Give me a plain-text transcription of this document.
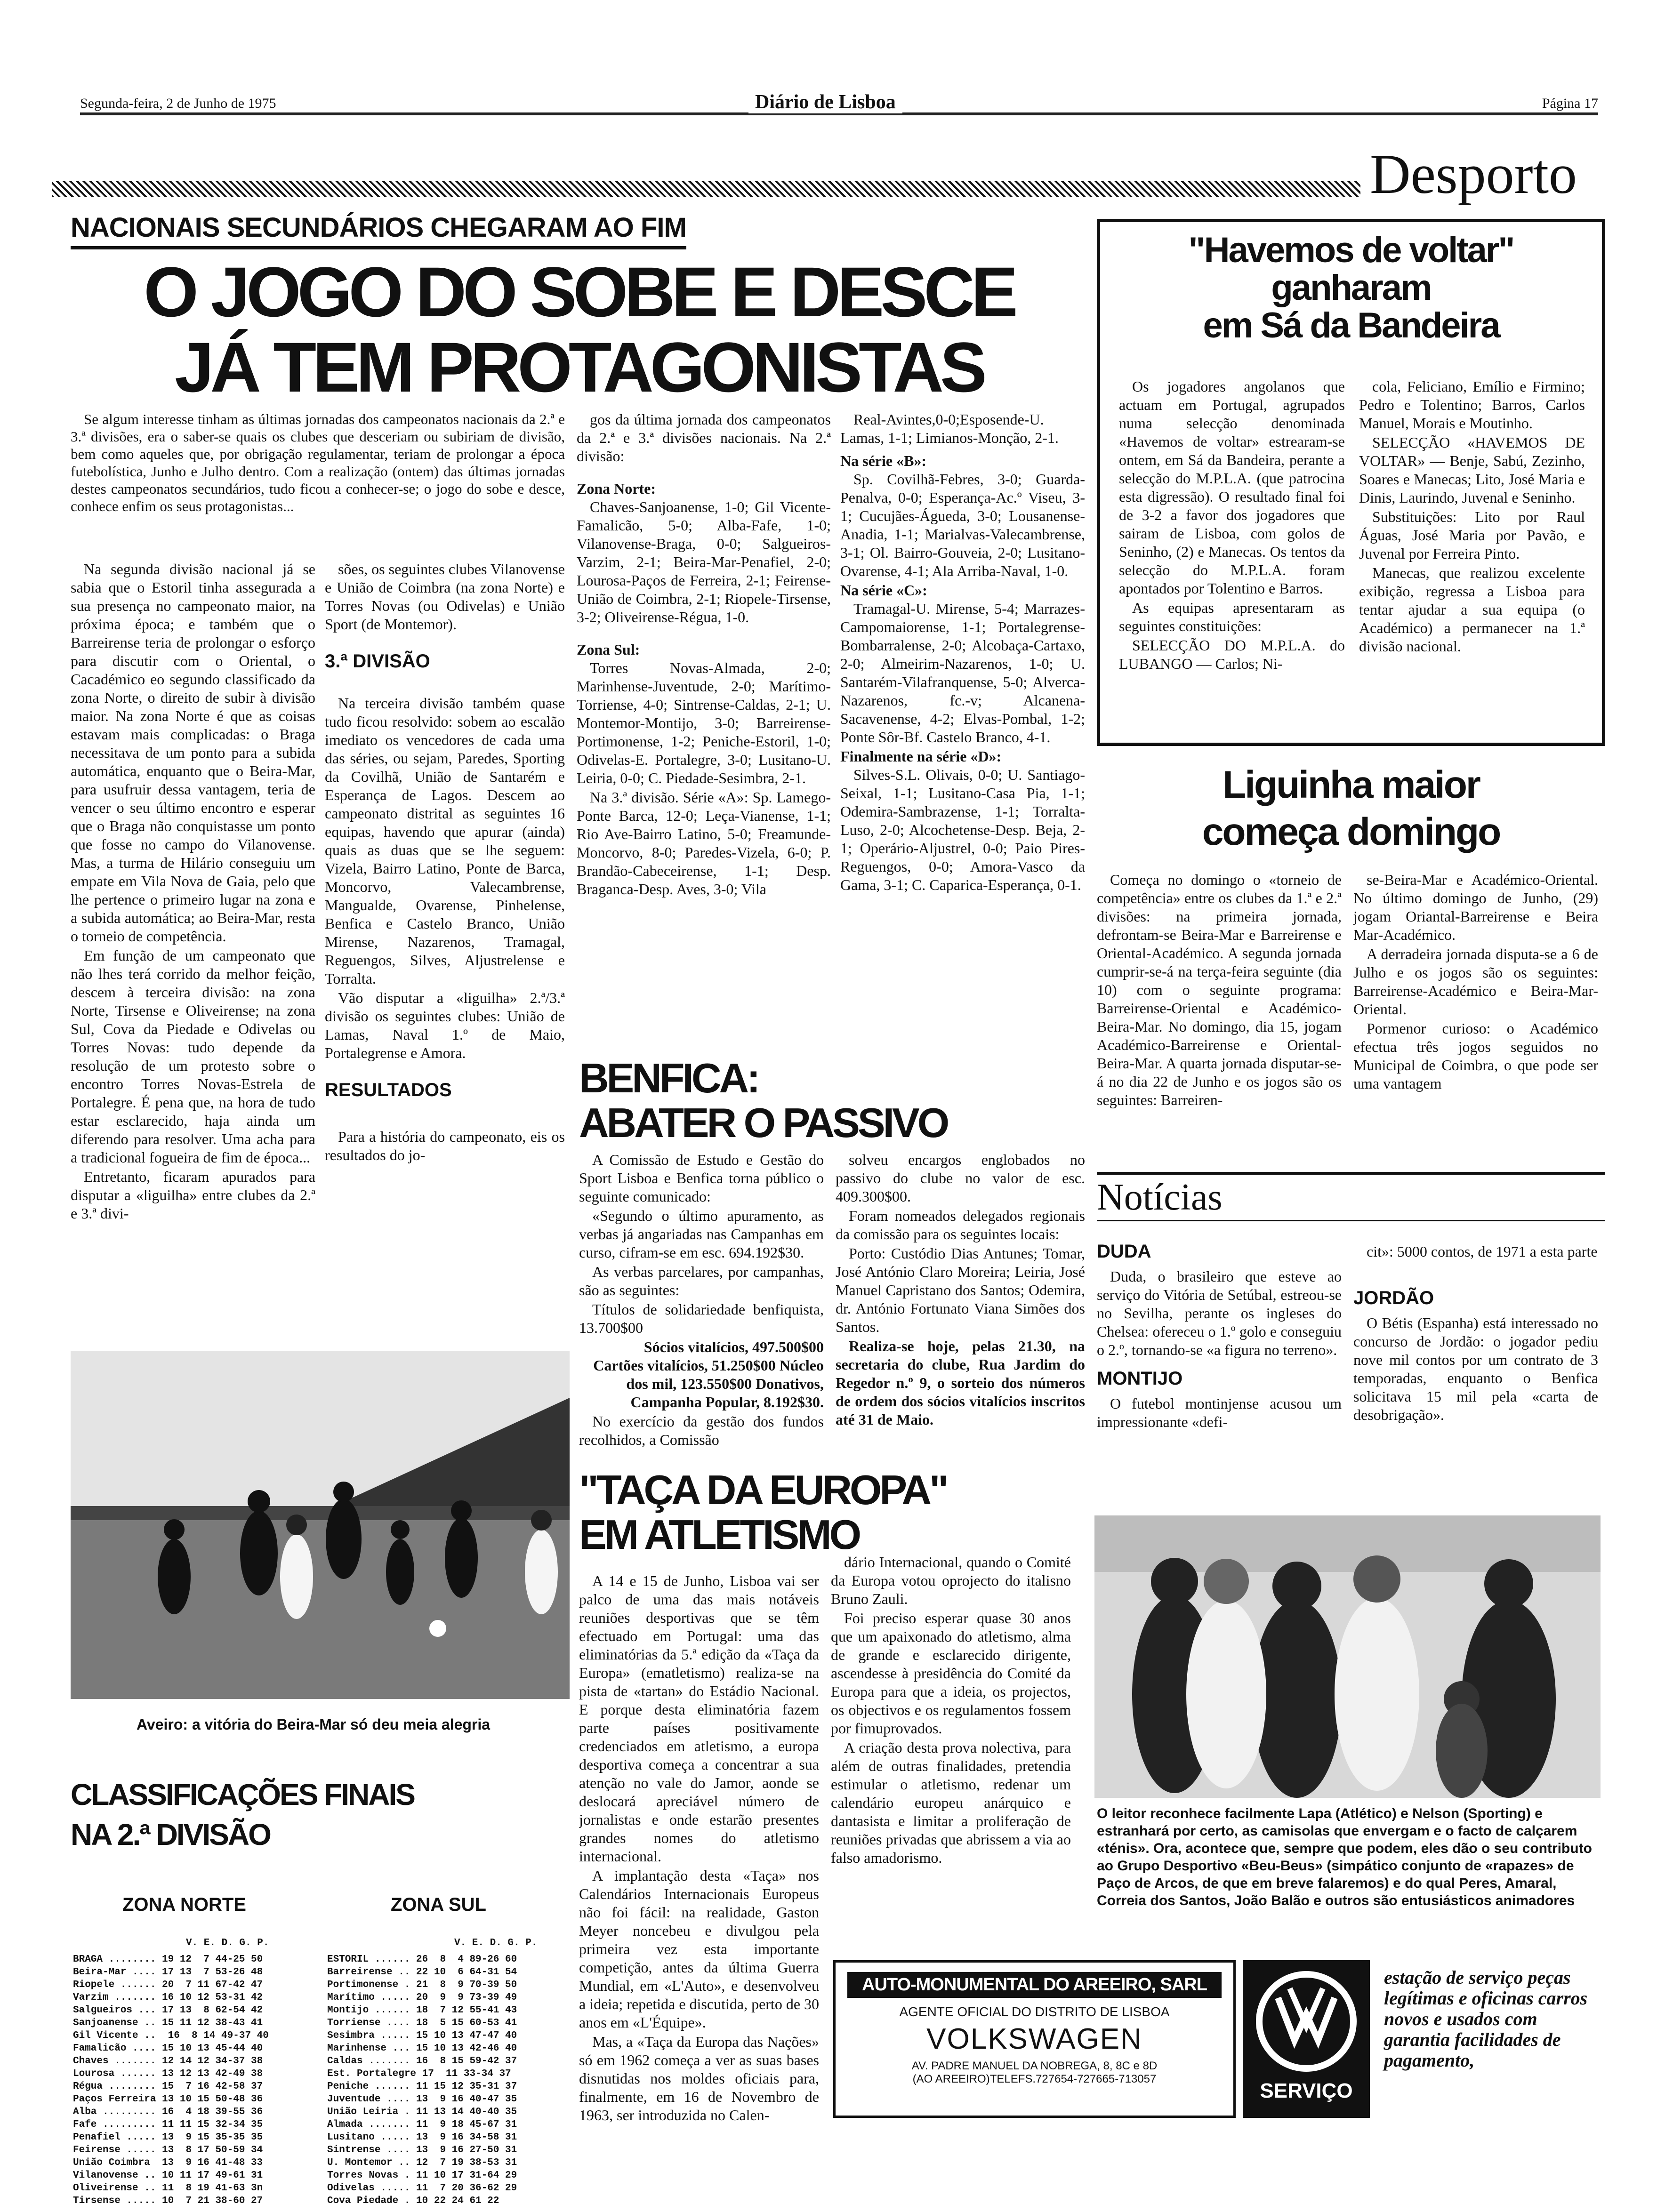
Segunda-feira, 2 de Junho de 1975	Diário de Lisboa	Página 17
Desporto
NACIONAIS SECUNDÁRIOS CHEGARAM AO FIM
O JOGO DO SOBE E DESCE
JÁ TEM PROTAGONISTAS

Se algum interesse tinham as últimas jornadas dos campeonatos nacionais da 2.ª e 3.ª divisões, era o saber-se quais os clubes que desceriam ou subiriam de divisão, bem como aqueles que, por obrigação regulamentar, teriam de prolongar a época futebolística, Junho e Julho dentro. Com a realização (ontem) das últimas jornadas destes campeonatos secundários, tudo ficou a conhecer-se; o jogo do sobe e desce, conhece enfim os seus protagonistas...

Na segunda divisão nacional já se sabia que o Estoril tinha assegurada a sua presença no campeonato maior, na próxima época; e também que o Barreirense teria de prolongar o esforço para discutir com o Oriental, o Cacadémico eo segundo classificado da zona Norte, o direito de subir à divisão maior. Na zona Norte é que as coisas estavam mais complicadas: o Braga necessitava de um ponto para a subida automática, enquanto que o Beira-Mar, para usufruir dessa vantagem, teria de vencer o seu último encontro e esperar que o Braga não conquistasse um ponto que fosse no campo do Vilanovense. Mas, a turma de Hilário conseguiu um empate em Vila Nova de Gaia, pelo que lhe pertence o primeiro lugar na zona e a subida automática; ao Beira-Mar, resta o torneio de competência.

Em função de um campeonato que não lhes terá corrido da melhor feição, descem à terceira divisão: na zona Norte, Tirsense e Oliveirense; na zona Sul, Cova da Piedade e Odivelas ou Torres Novas: tudo depende da resolução de um protesto sobre o encontro Torres Novas-Estrela de Portalegre. É pena que, na hora de tudo estar esclarecido, haja ainda um diferendo para resolver. Uma acha para a tradicional fogueira de fim de época...

Entretanto, ficaram apurados para disputar a «liguilha» entre clubes da 2.ª e 3.ª divi-

sões, os seguintes clubes Vilanovense e União de Coimbra (na zona Norte) e Torres Novas (ou Odivelas) e União Sport (de Montemor).

3.ª DIVISÃO

Na terceira divisão também quase tudo ficou resolvido: sobem ao escalão imediato os vencedores de cada uma das séries, ou sejam, Paredes, Sporting da Covilhã, União de Santarém e Esperança de Lagos. Descem ao campeonato distrital as seguintes 16 equipas, havendo que apurar (ainda) quais as duas que se lhe seguem: Vizela, Bairro Latino, Ponte de Barca, Moncorvo, Valecambrense, Mangualde, Ovarense, Pinhelense, Benfica e Castelo Branco, União Mirense, Nazarenos, Tramagal, Reguengos, Silves, Aljustrelense e Torralta.

Vão disputar a «liguilha» 2.ª/3.ª divisão os seguintes clubes: União de Lamas, Naval 1.º de Maio, Portalegrense e Amora.

RESULTADOS

Para a história do campeonato, eis os resultados do jo-

gos da última jornada dos campeonatos da 2.ª e 3.ª divisões nacionais. Na 2.ª divisão:

Zona Norte:

Chaves-Sanjoanense, 1-0; Gil Vicente-Famalicão, 5-0; Alba-Fafe, 1-0; Vilanovense-Braga, 0-0; Salgueiros-Varzim, 2-1; Beira-Mar-Penafiel, 2-0; Lourosa-Paços de Ferreira, 2-1; Feirense-União de Coimbra, 2-1; Riopele-Tirsense, 3-2; Oliveirense-Régua, 1-0.

Zona Sul:

Torres Novas-Almada, 2-0; Marinhense-Juventude, 2-0; Marítimo-Torriense, 4-0; Sintrense-Caldas, 2-1; U. Montemor-Montijo, 3-0; Barreirense-Portimonense, 1-2; Peniche-Estoril, 1-0; Odivelas-E. Portalegre, 3-0; Lusitano-U. Leiria, 0-0; C. Piedade-Sesimbra, 2-1.

Na 3.ª divisão. Série «A»: Sp. Lamego-Ponte Barca, 12-0; Leça-Vianense, 1-1; Rio Ave-Bairro Latino, 5-0; Freamunde-Moncorvo, 8-0; Paredes-Vizela, 6-0; P. Brandão-Cabeceirense, 1-1; Desp. Braganca-Desp. Aves, 3-0; Vila

Real-Avintes,0-0;Esposende-U. Lamas, 1-1; Limianos-Monção, 2-1.

Na série «B»:

Sp. Covilhã-Febres, 3-0; Guarda-Penalva, 0-0; Esperança-Ac.º Viseu, 3-1; Cucujães-Águeda, 3-0; Lousanense-Anadia, 1-1; Marialvas-Valecambrense, 3-1; Ol. Bairro-Gouveia, 2-0; Lusitano-Ovarense, 4-1; Ala Arriba-Naval, 1-0.

Na série «C»:

Tramagal-U. Mirense, 5-4; Marrazes-Campomaiorense, 1-1; Portalegrense-Bombarralense, 2-0; Alcobaça-Cartaxo, 2-0; Almeirim-Nazarenos, 1-0; U. Santarém-Vilafranquense, 5-0; Alverca-Nazarenos, fc.-v; Alcanena-Sacavenense, 4-2; Elvas-Pombal, 1-2; Ponte Sôr-Bf. Castelo Branco, 4-1.

Finalmente na série «D»:

Silves-S.L. Olivais, 0-0; U. Santiago-Seixal, 1-1; Lusitano-Casa Pia, 1-1; Odemira-Sambrazense, 1-1; Torralta-Luso, 2-0; Alcochetense-Desp. Beja, 2-1; Operário-Aljustrel, 0-0; Paio Pires-Reguengos, 0-0; Amora-Vasco da Gama, 3-1; C. Caparica-Esperança, 0-1.

Aveiro: a vitória do Beira-Mar só deu meia alegria
CLASSIFICAÇÕES FINAIS
NA 2.ª DIVISÃO
ZONA NORTE	ZONA SUL
V. E. D. G. P.	V. E. D. G. P.
BRAGA ........ 19 12  7 44-25 50
Beira-Mar .... 17 13  7 53-26 48
Riopele ...... 20  7 11 67-42 47
Varzim ....... 16 10 12 53-31 42
Salgueiros ... 17 13  8 62-54 42
Sanjoanense .. 15 11 12 38-43 41
Gil Vicente ..  16  8 14 49-37 40
Famalicão .... 15 10 13 45-44 40
Chaves ....... 12 14 12 34-37 38
Lourosa ...... 13 12 13 42-49 38
Régua ........ 15  7 16 42-58 37
Paços Ferreira 13 10 15 50-48 36
Alba ......... 16  4 18 39-55 36
Fafe ......... 11 11 15 32-34 35
Penafiel ..... 13  9 15 35-35 35
Feirense ..... 13  8 17 50-59 34
União Coimbra  13  9 16 41-48 33
Vilanovense .. 10 11 17 49-61 31
Oliveirense .. 11  8 19 41-63 3n
Tirsense ..... 10  7 21 38-60 27
ESTORIL ...... 26  8  4 89-26 60
Barreirense .. 22 10  6 64-31 54
Portimonense . 21  8  9 70-39 50
Marítimo ..... 20  9  9 73-39 49
Montijo ...... 18  7 12 55-41 43
Torriense .... 18  5 15 60-53 41
Sesimbra ..... 15 10 13 47-47 40
Marinhense ... 15 10 13 42-46 40
Caldas ....... 16  8 15 59-42 37
Est. Portalegre 17  11 33-34 37
Peniche ...... 11 15 12 35-31 37
Juventude .... 13  9 16 40-47 35
União Leiria . 11 13 14 40-40 35
Almada ....... 11  9 18 45-67 31
Lusitano ..... 13  9 16 34-58 31
Sintrense .... 13  9 16 27-50 31
U. Montemor .. 12  7 19 38-53 31
Torres Novas . 11 10 17 31-64 29
Odivelas ..... 11  7 20 36-62 29
Cova Piedade . 10 22 24 61 22
BENFICA:
ABATER O PASSIVO

A Comissão de Estudo e Gestão do Sport Lisboa e Benfica torna público o seguinte comunicado:

«Segundo o último apuramento, as verbas já angariadas nas Campanhas em curso, cifram-se em esc. 694.192$30.

As verbas parcelares, por campanhas, são as seguintes:

Títulos de solidariedade benfiquista, 13.700$00

Sócios vitalícios, 497.500$00 Cartões vitalícios, 51.250$00 Núcleo dos mil, 123.550$00 Donativos, Campanha Popular, 8.192$30.

No exercício da gestão dos fundos recolhidos, a Comissão

solveu encargos englobados no passivo do clube no valor de esc. 409.300$00.

Foram nomeados delegados regionais da comissão para os seguintes locais:

Porto: Custódio Dias Antunes; Tomar, José António Claro Moreira; Leiria, José Manuel Capristano dos Santos; Odemira, dr. António Fortunato Viana Simões dos Santos.

Realiza-se hoje, pelas 21.30, na secretaria do clube, Rua Jardim do Regedor n.º 9, o sorteio dos números de ordem dos sócios vitalícios inscritos até 31 de Maio.

"TAÇA DA EUROPA"
EM ATLETISMO

A 14 e 15 de Junho, Lisboa vai ser palco de uma das mais notáveis reuniões desportivas que se têm efectuado em Portugal: uma das eliminatórias da 5.ª edição da «Taça da Europa» (ematletismo) realiza-se na pista de «tartan» do Estádio Nacional. E porque desta eliminatória fazem parte países positivamente credenciados em atletismo, a europa desportiva começa a concentrar a sua atenção no vale do Jamor, aonde se deslocará apreciável número de jornalistas e onde estarão presentes grandes nomes do atletismo internacional.

A implantação desta «Taça» nos Calendários Internacionais Europeus não foi fácil: na realidade, Gaston Meyer noncebeu e divulgou pela primeira vez esta importante competição, antes da última Guerra Mundial, em «L'Auto», e desenvolveu a ideia; repetida e discutida, perto de 30 anos em «L'Équipe».

Mas, a «Taça da Europa das Nações» só em 1962 começa a ver as suas bases disnutidas nos moldes oficiais para, finalmente, em 16 de Novembro de 1963, ser introduzida no Calen-

dário Internacional, quando o Comité da Europa votou oprojecto do italisno Bruno Zauli.

Foi preciso esperar quase 30 anos que um apaixonado do atletismo, alma de grande e esclarecido dirigente, ascendesse à presidência do Comité da Europa para que a ideia, os projectos, os objectivos e os regulamentos fossem por fimuprovados.

A criação desta prova nolectiva, para além de outras finalidades, pretendia estimular o atletismo, redenar um calendário europeu anárquico e dantasista e limitar a proliferação de reuniões privadas que abrissem a via ao falso amadorismo.

"Havemos de voltar"
ganharam
em Sá da Bandeira

Os jogadores angolanos que actuam em Portugal, agrupados numa selecção denominada «Havemos de voltar» estrearam-se ontem, em Sá da Bandeira, perante a selecção do M.P.L.A. (que patrocina esta digressão). O resultado final foi de 3-2 a favor dos jogadores que sairam de Lisboa, com golos de Seninho, (2) e Manecas. Os tentos da selecção do M.P.L.A. foram apontados por Tolentino e Barros.

As equipas apresentaram as seguintes constituições:

SELECÇÃO DO M.P.L.A. do LUBANGO — Carlos; Ni-

cola, Feliciano, Emílio e Firmino; Pedro e Tolentino; Barros, Carlos Manuel, Morais e Moutinho.

SELECÇÃO «HAVEMOS DE VOLTAR» — Benje, Sabú, Zezinho, Soares e Manecas; Lito, José Maria e Dinis, Laurindo, Juvenal e Seninho.

Substituições: Lito por Raul Águas, José Maria por Pavão, e Juvenal por Ferreira Pinto.

Manecas, que realizou excelente exibição, regressa a Lisboa para tentar ajudar a sua equipa (o Académico) a permanecer na 1.ª divisão nacional.

Liguinha maior
começa domingo

Começa no domingo o «torneio de competência» entre os clubes da 1.ª e 2.ª divisões: na primeira jornada, defrontam-se Beira-Mar e Barreirense e Oriental-Académico. A segunda jornada cumprir-se-á na terça-feira seguinte (dia 10) com o seguinte programa: Barreirense-Oriental e Académico-Beira-Mar. No domingo, dia 15, jogam Académico-Barreirense e Oriental-Beira-Mar. A quarta jornada disputar-se-á no dia 22 de Junho e os jogos são os seguintes: Barreiren-

se-Beira-Mar e Académico-Oriental. No último domingo de Junho, (29) jogam Oriantal-Barreirense e Beira Mar-Académico.

A derradeira jornada disputa-se a 6 de Julho e os jogos são os seguintes: Barreirense-Académico e Beira-Mar-Oriental.

Pormenor curioso: o Académico efectua três jogos seguidos no Municipal de Coimbra, o que pode ser uma vantagem

Notícias
DUDA

Duda, o brasileiro que esteve ao serviço do Vitória de Setúbal, estreou-se no Sevilha, perante os ingleses do Chelsea: ofereceu o 1.º golo e conseguiu o 2.º, tornando-se «a figura no terreno».

MONTIJO

O futebol montinjense acusou um impressionante «defi-

cit»: 5000 contos, de 1971 a esta parte

JORDÃO

O Bétis (Espanha) está interessado no concurso de Jordão: o jogador pediu nove mil contos por um contrato de 3 temporadas, enquanto o Benfica solicitava 15 mil pela «carta de desobrigação».

O leitor reconhece facilmente Lapa (Atlético) e Nelson (Sporting) e estranhará por certo, as camisolas que envergam e o facto de calçarem «ténis». Ora, acontece que, sempre que podem, eles dão o seu contributo ao Grupo Desportivo «Beu-Beus» (simpático conjunto de «rapazes» de Paço de Arcos, de que em breve falaremos) e do qual Peres, Amaral, Correia dos Santos, João Balão e outros são entusiásticos animadores
AUTO-MONUMENTAL DO AREEIRO, SARL
AGENTE OFICIAL DO DISTRITO DE LISBOA
VOLKSWAGEN
AV. PADRE MANUEL DA NOBREGA, 8, 8C e 8D
(AO AREEIRO)TELEFS.727654-727665-713057
SERVIÇO
estação de serviço peças legítimas e oficinas carros novos e usados com garantia facilidades de pagamento,
